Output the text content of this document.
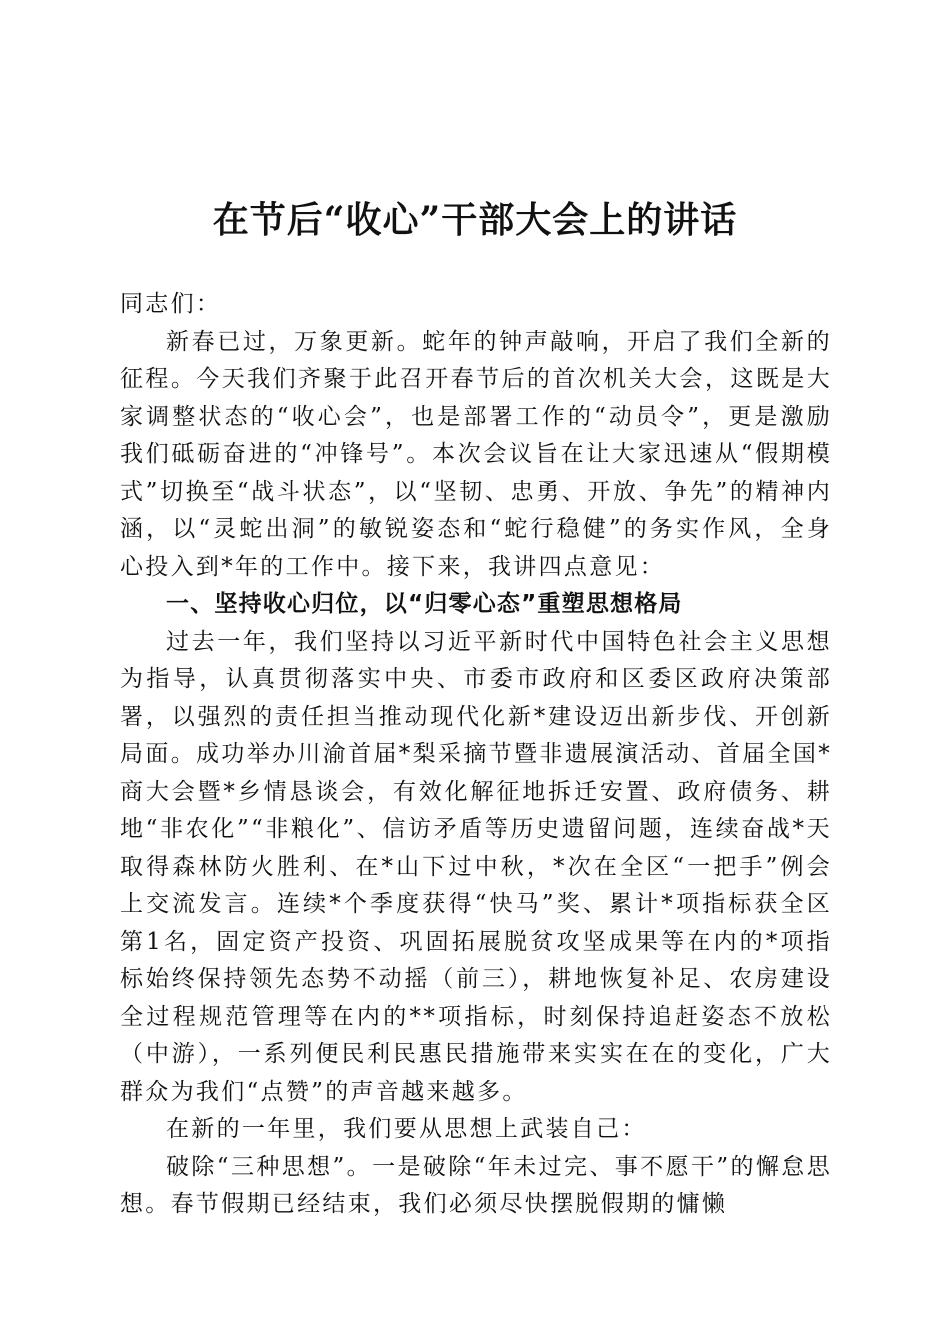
在节后“收心”干部大会上的讲话

同志们：

新春已过，万象更新。蛇年的钟声敲响，开启了我们全新的征程。今天我们齐聚于此召开春节后的首次机关大会，这既是大家调整状态的“收心会”，也是部署工作的“动员令”，更是激励我们砥砺奋进的“冲锋号”。本次会议旨在让大家迅速从“假期模式”切换至“战斗状态”，以“坚韧、忠勇、开放、争先”的精神内涵，以“灵蛇出洞”的敏锐姿态和“蛇行稳健”的务实作风，全身心投入到*年的工作中。接下来，我讲四点意见：

一、坚持收心归位，以“归零心态”重塑思想格局

过去一年，我们坚持以习近平新时代中国特色社会主义思想为指导，认真贯彻落实中央、市委市政府和区委区政府决策部署，以强烈的责任担当推动现代化新*建设迈出新步伐、开创新局面。成功举办川渝首届*梨采摘节暨非遗展演活动、首届全国*商大会暨*乡情恳谈会，有效化解征地拆迁安置、政府债务、耕地“非农化”“非粮化”、信访矛盾等历史遗留问题，连续奋战*天取得森林防火胜利、在*山下过中秋，*次在全区“一把手”例会上交流发言。连续*个季度获得“快马”奖、累计*项指标获全区第1名，固定资产投资、巩固拓展脱贫攻坚成果等在内的*项指标始终保持领先态势不动摇（前三），耕地恢复补足、农房建设全过程规范管理等在内的**项指标，时刻保持追赶姿态不放松（中游），一系列便民利民惠民措施带来实实在在的变化，广大群众为我们“点赞”的声音越来越多。

在新的一年里，我们要从思想上武装自己：

破除“三种思想”。一是破除“年未过完、事不愿干”的懈怠思想。春节假期已经结束，我们必须尽快摆脱假期的慵懒
